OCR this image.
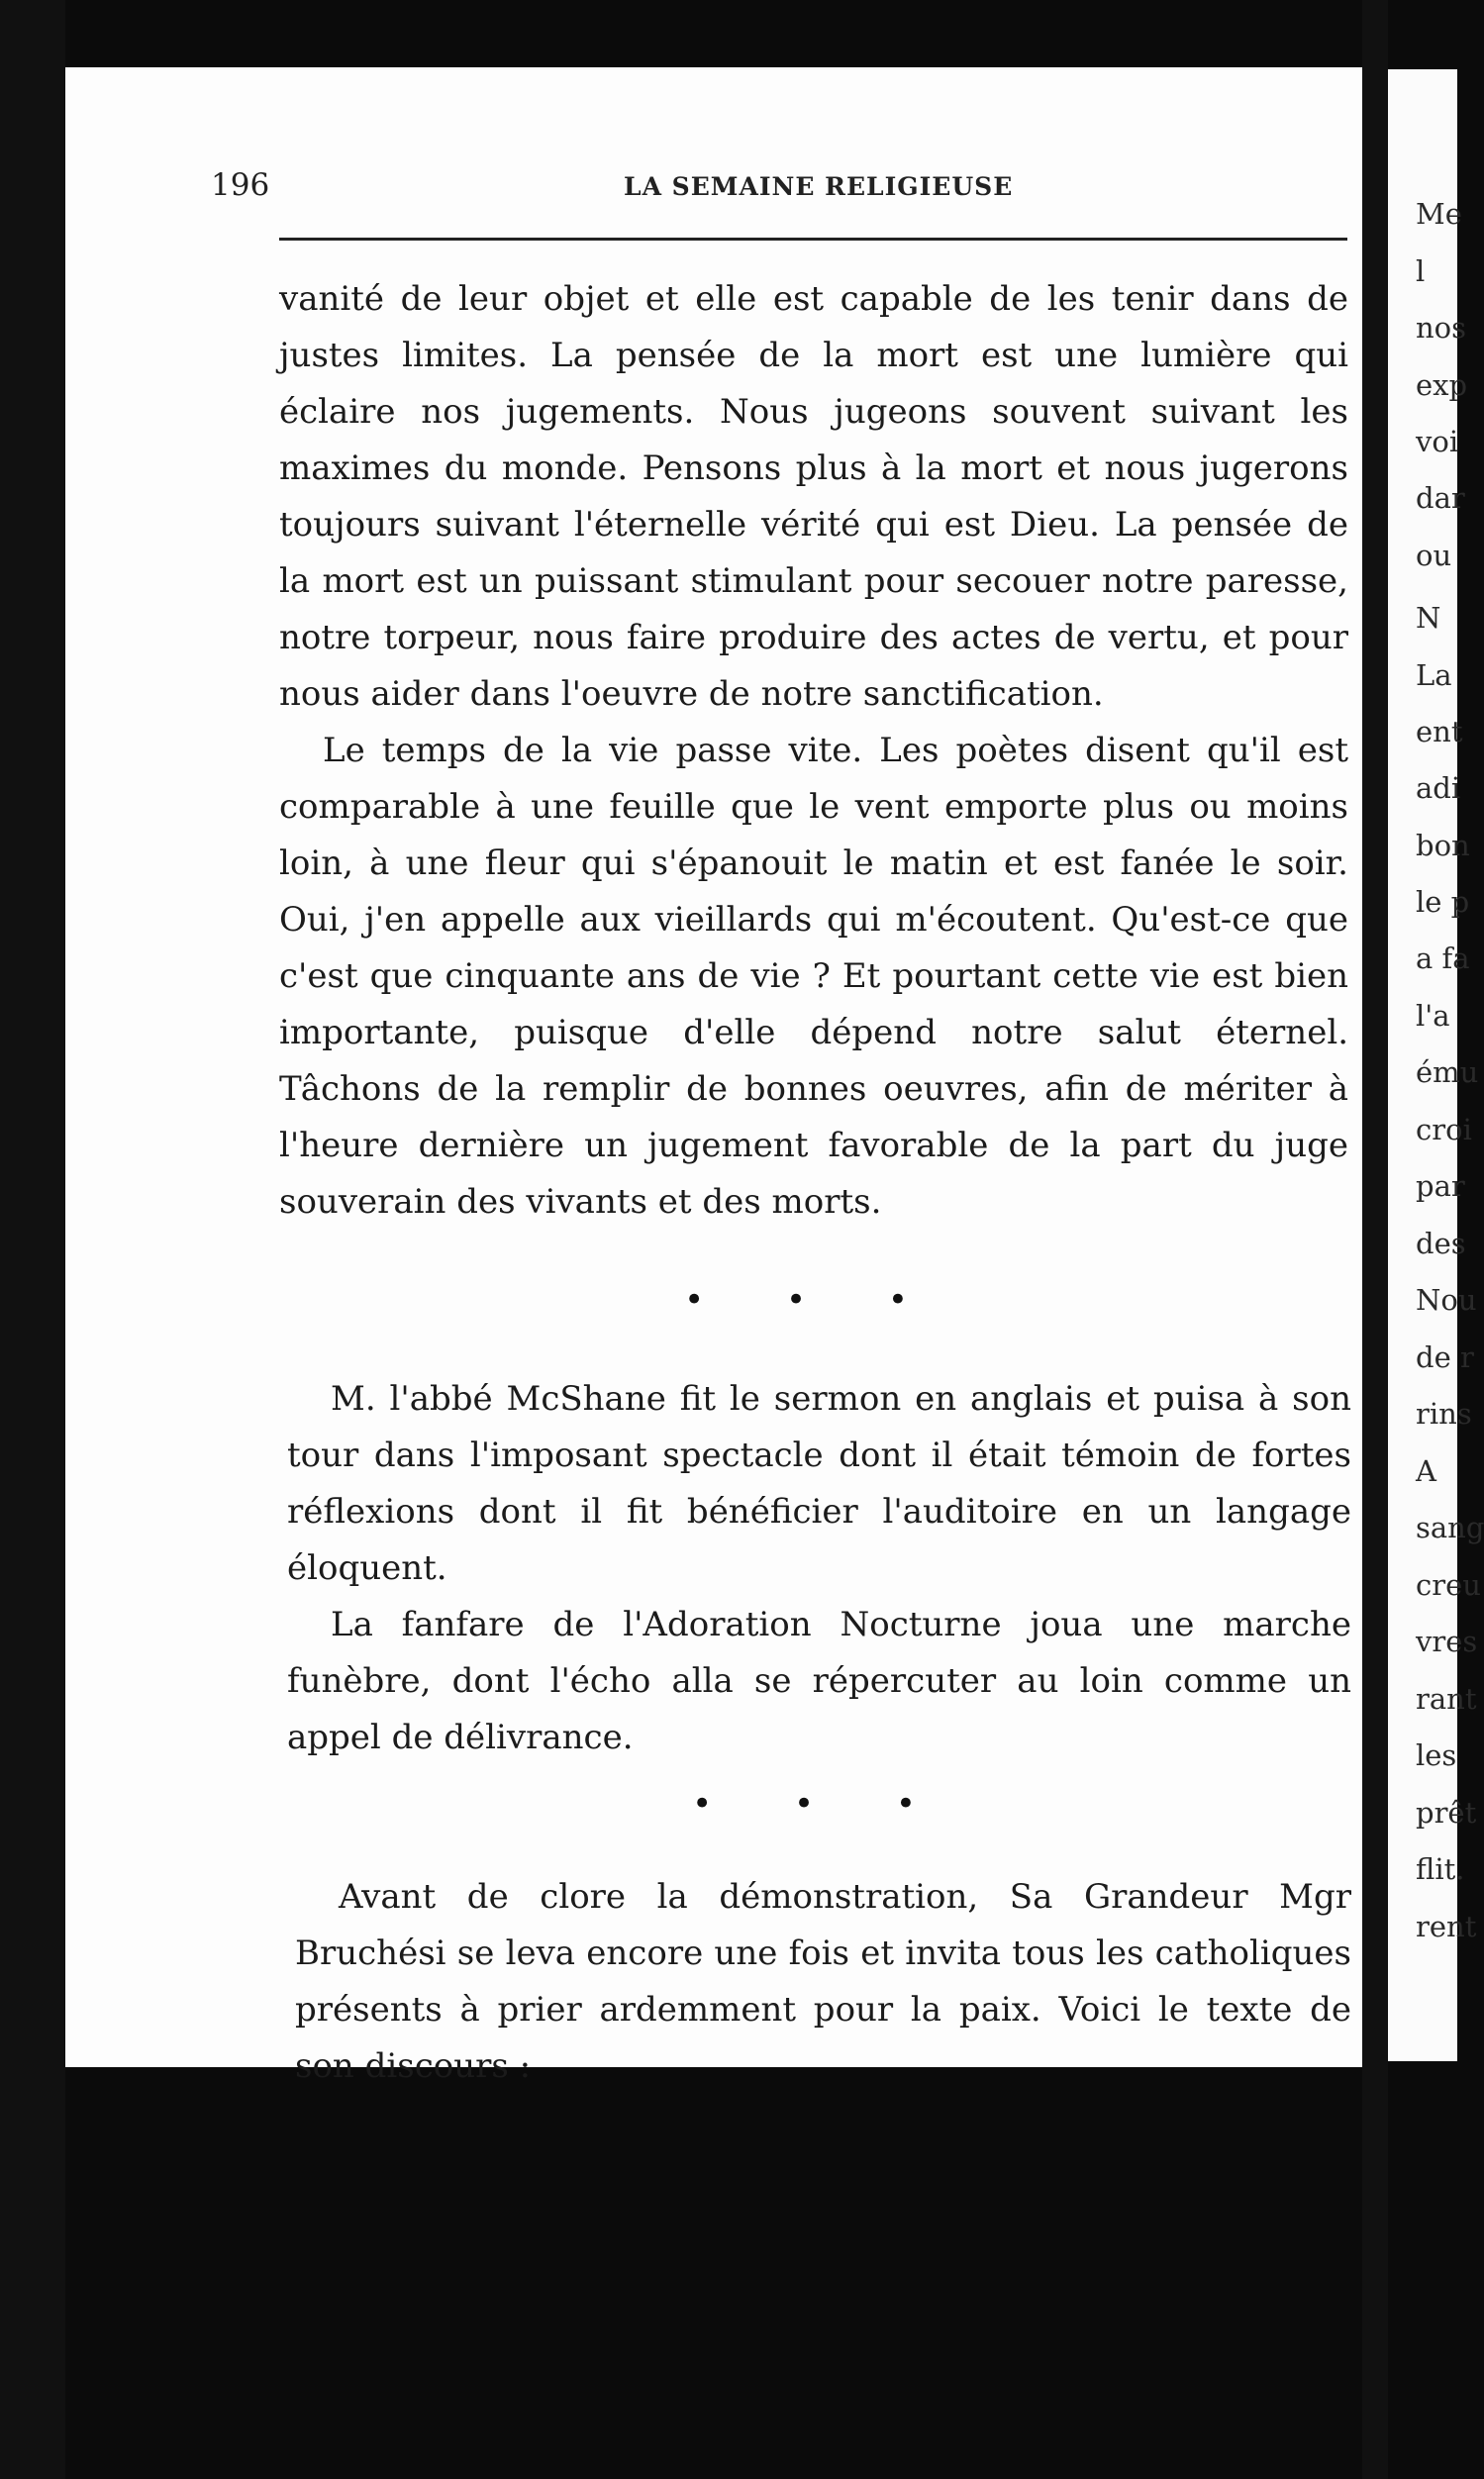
Me
l
nos
exp
voi
dar
ou
N
La
ent
adi
bon
le p
a fa
l'a
ému
croi
par
des
Nou
de r
rins
A
sang
creu
vres
rant
les
prêt
flit.
rent
196	LA SEMAINE RELIGIEUSE

vanité de leur objet et elle est capable de les tenir dans de justes limites. La pensée de la mort est une lumière qui éclaire nos jugements. Nous jugeons souvent suivant les maximes du monde. Pensons plus à la mort et nous jugerons toujours suivant l'éternelle vérité qui est Dieu. La pensée de la mort est un puissant stimulant pour secouer notre paresse, notre torpeur, nous faire produire des actes de vertu, et pour nous aider dans l'oeuvre de notre sanctification.

Le temps de la vie passe vite. Les poètes disent qu'il est comparable à une feuille que le vent emporte plus ou moins loin, à une fleur qui s'épanouit le matin et est fanée le soir. Oui, j'en appelle aux vieillards qui m'écoutent. Qu'est-ce que c'est que cinquante ans de vie ? Et pourtant cette vie est bien importante, puisque d'elle dépend notre salut éternel. Tâchons de la remplir de bonnes oeuvres, afin de mériter à l'heure dernière un jugement favorable de la part du juge souverain des vivants et des morts.

• • •

M. l'abbé McShane fit le sermon en anglais et puisa à son tour dans l'imposant spectacle dont il était témoin de fortes réflexions dont il fit bénéficier l'auditoire en un langage éloquent.

La fanfare de l'Adoration Nocturne joua une marche funèbre, dont l'écho alla se répercuter au loin comme un appel de délivrance.

• • •

Avant de clore la démonstration, Sa Grandeur Mgr Bruchési se leva encore une fois et invita tous les catholiques présents à prier ardemment pour la paix. Voici le texte de son discours :
